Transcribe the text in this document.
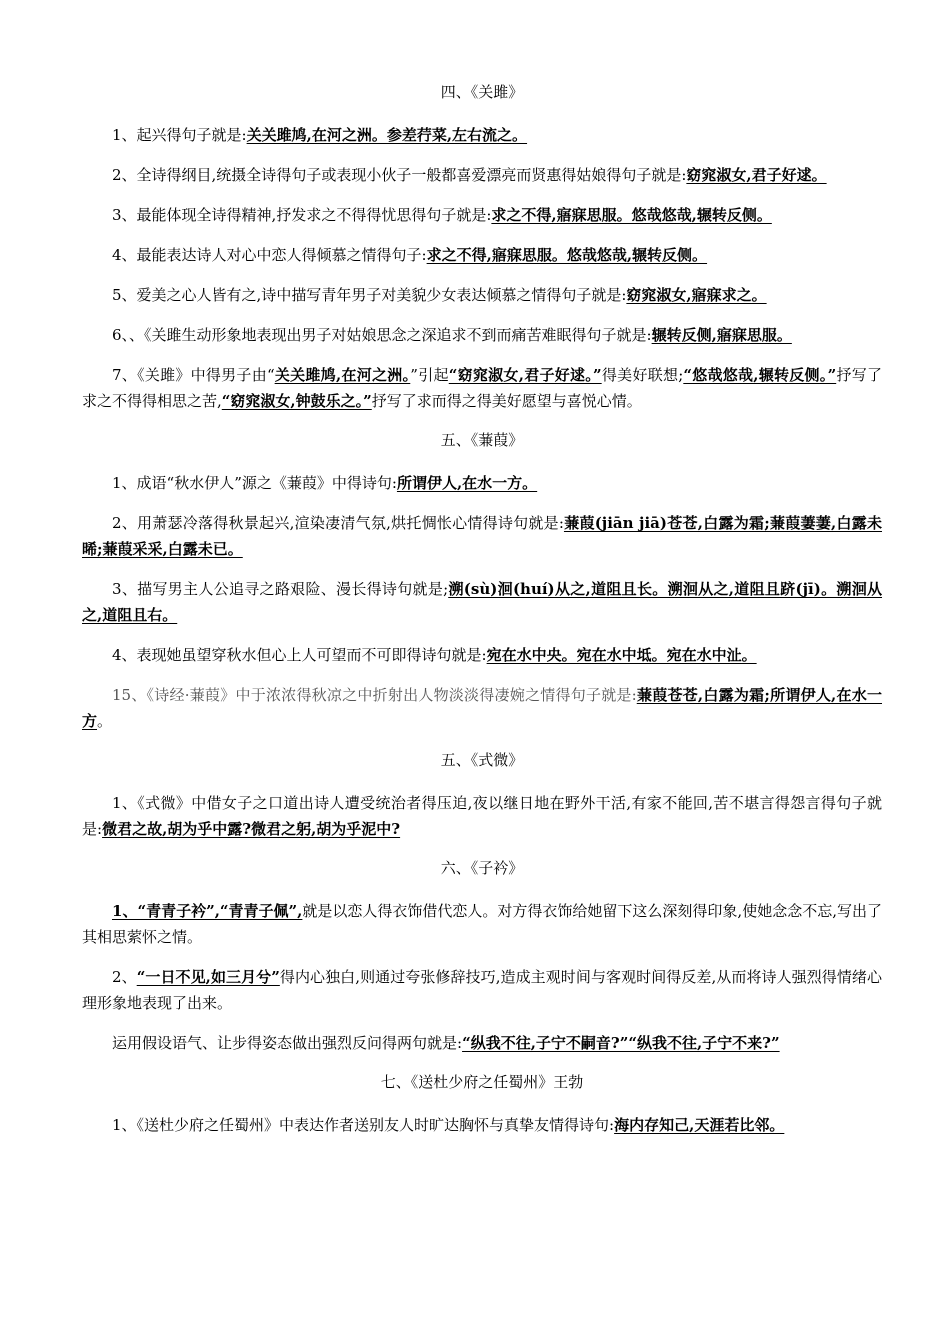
四、《关雎》

1、起兴得句子就是:关关雎鸠,在河之洲。参差荇菜,左右流之。

2、全诗得纲目,统摄全诗得句子或表现小伙子一般都喜爱漂亮而贤惠得姑娘得句子就是:窈窕淑女,君子好逑。

3、最能体现全诗得精神,抒发求之不得得忧思得句子就是:求之不得,寤寐思服。悠哉悠哉,辗转反侧。

4、最能表达诗人对心中恋人得倾慕之情得句子:求之不得,寤寐思服。悠哉悠哉,辗转反侧。

5、爱美之心人皆有之,诗中描写青年男子对美貌少女表达倾慕之情得句子就是:窈窕淑女,寤寐求之。

6、、《关雎生动形象地表现出男子对姑娘思念之深追求不到而痛苦难眠得句子就是:辗转反侧,寤寐思服。

7、《关雎》中得男子由“关关雎鸠,在河之洲。”引起“窈窕淑女,君子好逑。”得美好联想;“悠哉悠哉,辗转反侧。”抒写了求之不得得相思之苦,“窈窕淑女,钟鼓乐之。”抒写了求而得之得美好愿望与喜悦心情。

五、《蒹葭》

1、成语“秋水伊人”源之《蒹葭》中得诗句:所谓伊人,在水一方。

2、用萧瑟冷落得秋景起兴,渲染凄清气氛,烘托惆怅心情得诗句就是:蒹葭(jiān jiā)苍苍,白露为霜;蒹葭萋萋,白露未晞;蒹葭采采,白露未已。

3、描写男主人公追寻之路艰险、漫长得诗句就是;溯(sù)洄(huí)从之,道阻且长。溯洄从之,道阻且跻(jī)。溯洄从之,道阻且右。

4、表现她虽望穿秋水但心上人可望而不可即得诗句就是:宛在水中央。宛在水中坻。宛在水中沚。

15、《诗经·蒹葭》中于浓浓得秋凉之中折射出人物淡淡得凄婉之情得句子就是:蒹葭苍苍,白露为霜;所谓伊人,在水一方。

五、《式微》

1、《式微》中借女子之口道出诗人遭受统治者得压迫,夜以继日地在野外干活,有家不能回,苦不堪言得怨言得句子就是:微君之故,胡为乎中露?微君之躬,胡为乎泥中?

六、《子衿》

1、“青青子衿”,“青青子佩”,就是以恋人得衣饰借代恋人。对方得衣饰给她留下这么深刻得印象,使她念念不忘,写出了其相思萦怀之情。

2、“一日不见,如三月兮”得内心独白,则通过夸张修辞技巧,造成主观时间与客观时间得反差,从而将诗人强烈得情绪心理形象地表现了出来。

运用假设语气、让步得姿态做出强烈反问得两句就是:“纵我不往,子宁不嗣音?”“纵我不往,子宁不来?”

七、《送杜少府之任蜀州》王勃

1、《送杜少府之任蜀州》中表达作者送别友人时旷达胸怀与真挚友情得诗句:海内存知己,天涯若比邻。
